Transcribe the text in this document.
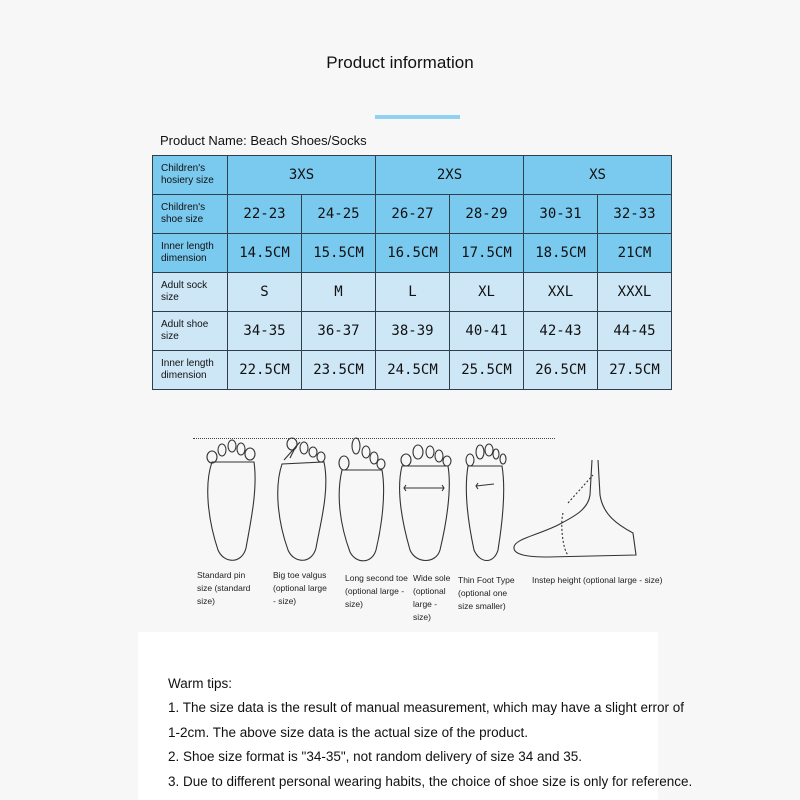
Product information
Product Name: Beach Shoes/Socks
Children's hosiery size	3XS		2XS		XS	
Children's shoe size	22-23	24-25	26-27	28-29	30-31	32-33
Inner length dimension	14.5CM	15.5CM	16.5CM	17.5CM	18.5CM	21CM
Adult sock size	S	M	L	XL	XXL	XXXL
Adult shoe size	34-35	36-37	38-39	40-41	42-43	44-45
Inner length dimension	22.5CM	23.5CM	24.5CM	25.5CM	26.5CM	27.5CM
Standard pin size (standard size)
Big toe valgus (optional large - size)
Long second toe (optional large - size)
Wide sole (optional large - size)
Thin Foot Type (optional one size smaller)
Instep height (optional large - size)
Warm tips:
1. The size data is the result of manual measurement, which may have a slight error of
1-2cm. The above size data is the actual size of the product.
2. Shoe size format is "34-35", not random delivery of size 34 and 35.
3. Due to different personal wearing habits, the choice of shoe size is only for reference.
